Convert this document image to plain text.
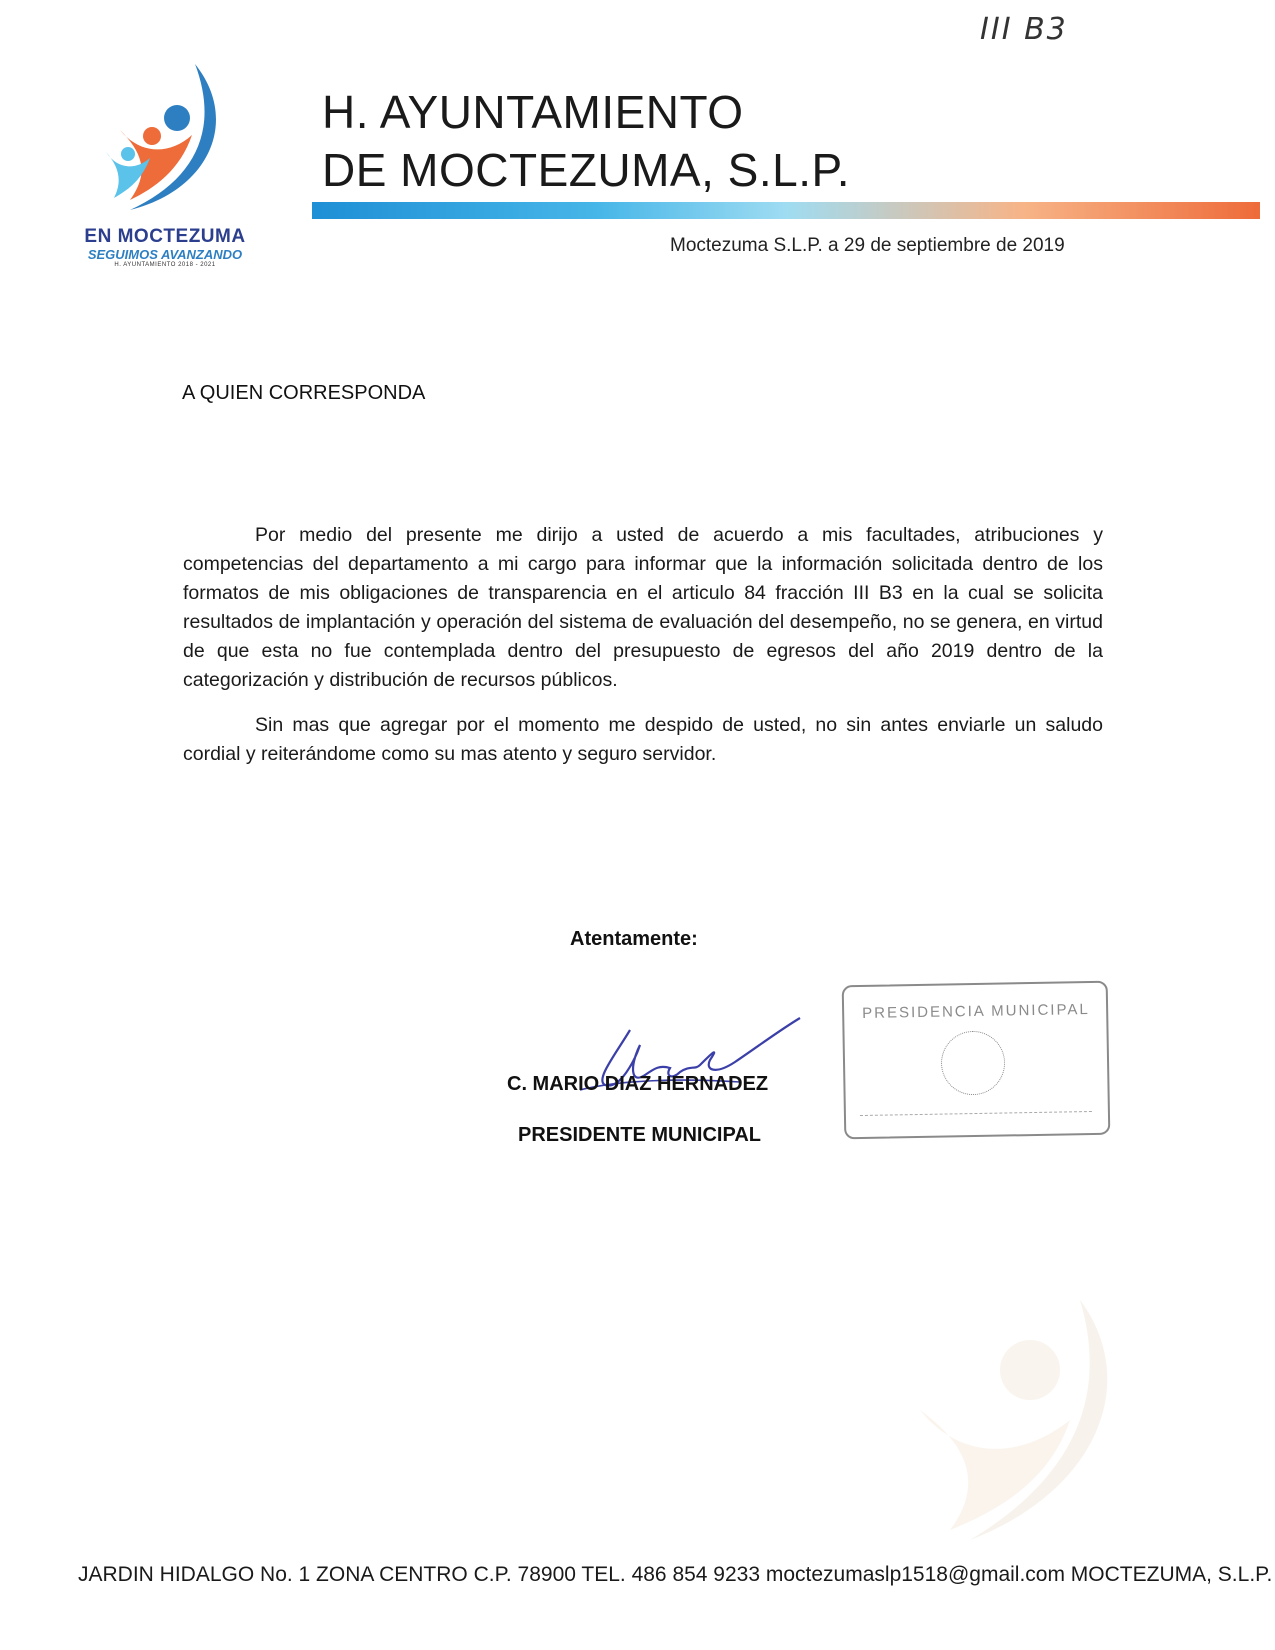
III B3
EN MOCTEZUMA
SEGUIMOS AVANZANDO
H. AYUNTAMIENTO 2018 - 2021
H. AYUNTAMIENTO
DE MOCTEZUMA, S.L.P.
Moctezuma S.L.P. a 29 de septiembre de 2019
A QUIEN CORRESPONDA
Por medio del presente me dirijo a usted de acuerdo a mis facultades, atribuciones y competencias del departamento a mi cargo para informar que la información solicitada dentro de los formatos de mis obligaciones de transparencia en el articulo 84 fracción III B3 en la cual se solicita resultados de implantación y operación del sistema de evaluación del desempeño, no se genera, en virtud de que esta no fue contemplada dentro del presupuesto de egresos del año 2019 dentro de la categorización y distribución de recursos públicos.
Sin mas que agregar por el momento me despido de usted, no sin antes enviarle un saludo cordial y reiterándome como su mas atento y seguro servidor.
Atentamente:
C. MARIO DIAZ HERNADEZ
PRESIDENTE MUNICIPAL
PRESIDENCIA MUNICIPAL
JARDIN HIDALGO No. 1 ZONA CENTRO C.P. 78900 TEL. 486 854 9233 moctezumaslp1518@gmail.com MOCTEZUMA, S.L.P.
